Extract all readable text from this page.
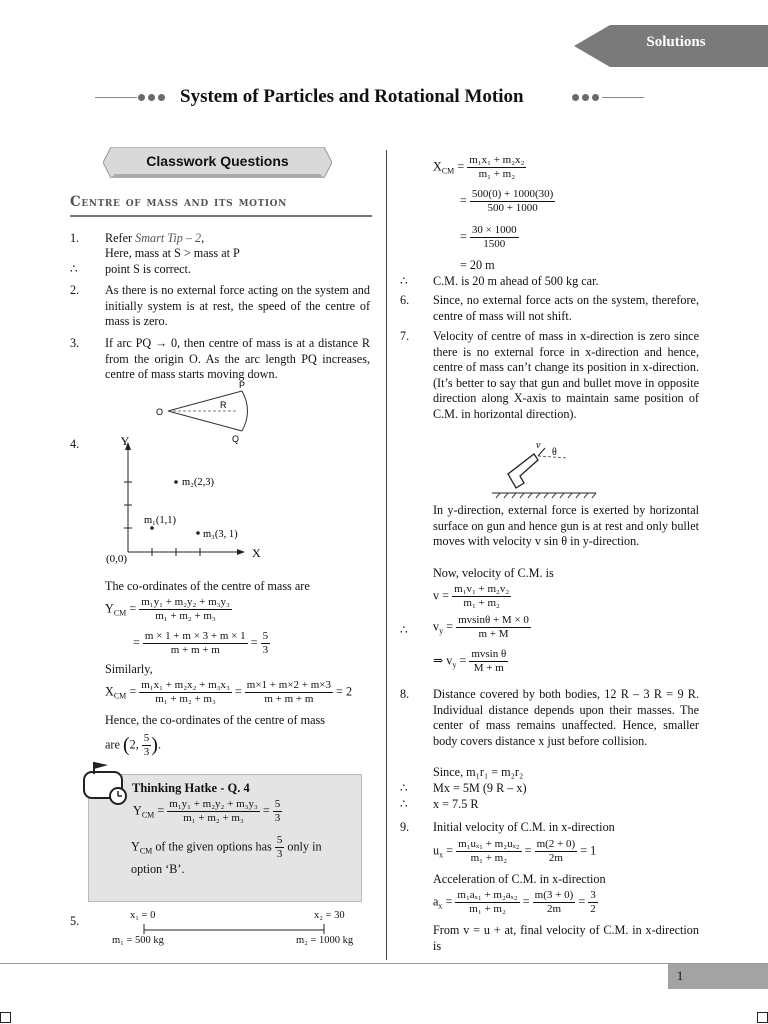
Solutions
System of Particles and Rotational Motion
Classwork Questions
Centre of mass and its motion
1. Refer Smart Tip – 2,
Here, mass at S > mass at P
∴ point S is correct.
2. As there is no external force acting on the system and initially system is at rest, the speed of the centre of mass is zero.
3. If arc PQ → 0, then centre of mass is at a distance R from the origin O. As the arc length PQ increases, centre of mass starts moving down.
O
P
Q
R
4.	Y
X
(0,0)
m₁(1,1)
m₂(2,3)
m₃(3, 1)
The co-ordinates of the centre of mass are
$Y_{CM} = \frac{\text{m₁y₁ + m₂y₂ + m₃y₃}}{\text{m₁ + m₂ + m₃}}$
= $\frac{m \times 1 + m \times 3 + m \times 1}{m + m + m} = \frac{5}{3}$
Similarly,
$X_{CM} = \frac{\text{m₁x₁ + m₂x₂ + m₃x₃}}{\text{m₁ + m₂ + m₃}} = \frac{m\times 1 + m\times 2 + m\times 3}{m + m + m} = 2$
Hence, the co-ordinates of the centre of mass
are (2, $\frac{5}{3}$ ).
Thinking Hatke - Q. 4
$Y_{CM} = \frac{\text{m₁y₁ + m₂y₂ + m₃y₃}}{\text{m₁ + m₂ + m₃}} = \frac{5}{3}$
$Y_{CM}$ of the given options has $\frac{5}{3}$ only in
option ‘B’.
5.	x₁ = 0	x₂ = 30
m₁ = 500 kg	m₂ = 1000 kg
$X_{CM} = \frac{\text{m₁x₁ + m₂x₂}}{\text{m₁ + m₂}}$
= $\frac{500(0) + 1000(30)}{500 + 1000}$
= $\frac{30 \times 1000}{1500}$
= 20 m
∴ C.M. is 20 m ahead of 500 kg car.
6. Since, no external force acts on the system, therefore, centre of mass will not shift.
7. Velocity of centre of mass in x-direction is zero since there is no external force in x-direction and hence, centre of mass can’t change its position in x-direction. (It’s better to say that gun and bullet move in opposite direction along X-axis to maintain same position of C.M. in horizontal direction).
v
θ
In y-direction, external force is exerted by horizontal surface on gun and hence gun is at rest and only bullet moves with velocity v sin θ in y-direction.
Now, velocity of C.M. is
$v = \frac{\text{m₁v₁ + m₂v₂}}{\text{m₁ + m₂}}$
∴ $v_y = \frac{mvsin\theta + M \times 0}{m + M}$
⇒ $v_y = \frac{\text{mvsin θ}}{M + m}$
8. Distance covered by both bodies, 12 R – 3 R = 9 R. Individual distance depends upon their masses. The center of mass remains unaffected. Hence, smaller body covers distance x just before collision.
Since, m₁r₁ = m₂r₂
∴ Mx = 5M (9 R – x)
∴ x = 7.5 R
9. Initial velocity of C.M. in x-direction
$u_x = \frac{\text{m₁uₓ₁ + m₂uₓ₂}}{\text{m₁ + m₂}} = \frac{m(2 + 0)}{2m} = 1$
Acceleration of C.M. in x-direction
$a_x = \frac{\text{m₁aₓ₁ + m₂aₓ₂}}{\text{m₁ + m₂}} = \frac{m(3 + 0)}{2m} = \frac{3}{2}$
From v = u + at, final velocity of C.M. in x-direction is
1
